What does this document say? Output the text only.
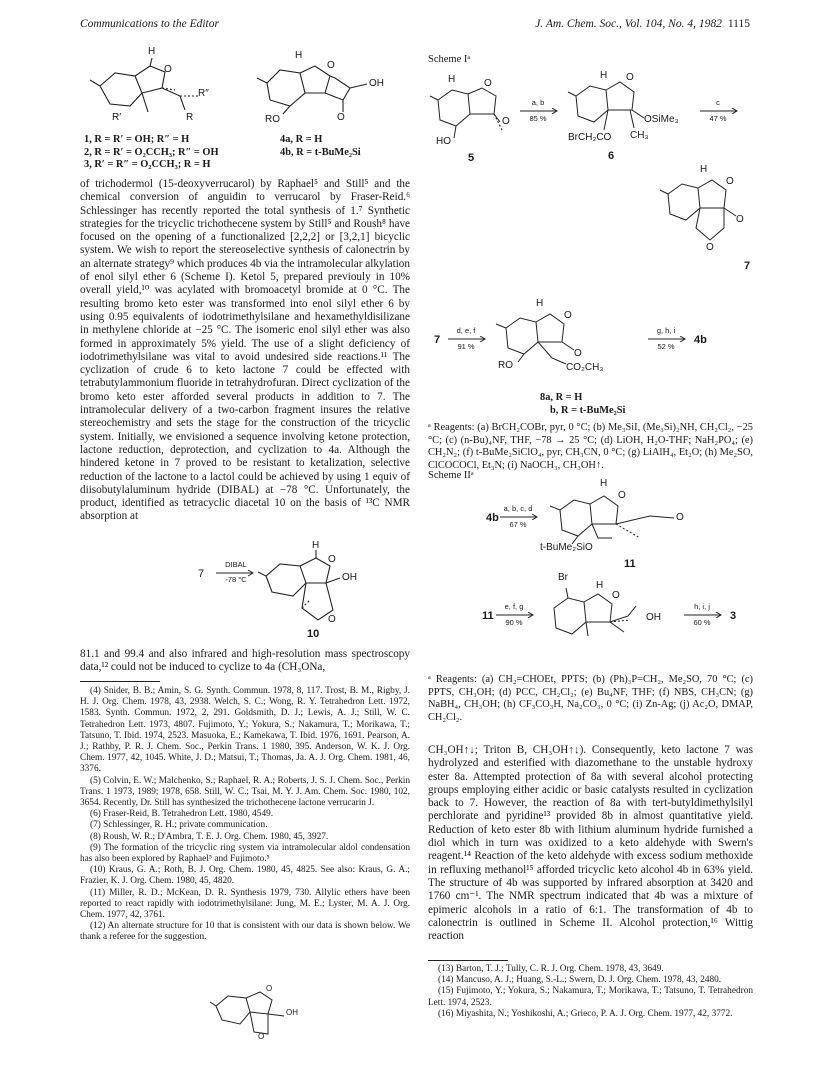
Communications to the Editor	J. Am. Chem. Soc., Vol. 104, No. 4, 1982 1115
H
O
R″
R
R′
H
O
OH
O
RO
1, R = R′ = OH; R″ = H
2, R = R′ = O₂CCH₃; R″ = OH
3, R′ = R″ = O₂CCH₃; R = H
4a, R = H
4b, R = t-BuMe₂Si

of trichodermol (15-deoxyverrucarol) by Raphael⁵ and Still⁵ and the chemical conversion of anguidin to verrucarol by Fraser-Reid.⁶ Schlessinger has recently reported the total synthesis of 1.⁷ Synthetic strategies for the tricyclic trichothecene system by Still⁵ and Roush⁸ have focused on the opening of a functionalized [2,2,2] or [3,2,1] bicyclic system. We wish to report the stereoselective synthesis of calonectrin by an alternate strategy⁹ which produces 4b via the intramolecular alkylation of enol silyl ether 6 (Scheme I). Ketol 5, prepared previouly in 10% overall yield,¹⁰ was acylated with bromoacetyl bromide at 0 °C. The resulting bromo keto ester was transformed into enol silyl ether 6 by using 0.95 equivalents of iodotrimethylsilane and hexamethyldisilizane in methylene chloride at −25 °C. The isomeric enol silyl ether was also formed in approximately 5% yield. The use of a slight deficiency of iodotrimethylsilane was vital to avoid undesired side reactions.¹¹ The cyclization of crude 6 to keto lactone 7 could be effected with tetrabutylammonium fluoride in tetrahydrofuran. Direct cyclization of the bromo keto ester afforded several products in addition to 7. The intramolecular delivery of a two-carbon fragment insures the relative stereochemistry and sets the stage for the construction of the tricyclic system. Initially, we envisioned a sequence involving ketone protection, lactone reduction, deprotection, and cyclization to 4a. Although the hindered ketone in 7 proved to be resistant to ketalization, selective reduction of the lactone to a lactol could be achieved by using 1 equiv of diisobutylaluminum hydride (DIBAL) at −78 °C. Unfortunately, the product, identified as tetracyclic diacetal 10 on the basis of ¹³C NMR absorption at

7
DIBAL
-78 °C
H
O
OH
O
10

81.1 and 99.4 and also infrared and high-resolution mass spectroscopy data,¹² could not be induced to cyclize to 4a (CH₃ONa,

(4) Snider, B. B.; Amin, S. G. Synth. Commun. 1978, 8, 117. Trost, B. M., Rigby, J. H. J. Org. Chem. 1978, 43, 2938. Welch, S. C.; Wong, R. Y. Tetrahedron Lett. 1972, 1583. Synth. Commun. 1972, 2, 291. Goldsmith, D. J.; Lewis, A. J.; Still, W. C. Tetrahedron Lett. 1973, 4807. Fujimoto, Y.; Yokura, S.; Nakamura, T.; Morikawa, T.; Tatsuno, T. Ibid. 1974, 2523. Masuoka, E.; Kamekawa, T. Ibid. 1976, 1691. Pearson, A. J.; Rathby, P. R. J. Chem. Soc., Perkin Trans. 1 1980, 395. Anderson, W. K. J. Org. Chem. 1977, 42, 1045. White, J. D.; Matsui, T.; Thomas, Ja. A. J. Org. Chem. 1981, 46, 3376.

(5) Colvin, E. W.; Malchenko, S.; Raphael, R. A.; Roberts, J. S. J. Chem. Soc., Perkin Trans. 1 1973, 1989; 1978, 658. Still, W. C.; Tsai, M. Y. J. Am. Chem. Soc. 1980, 102, 3654. Recently, Dr. Still has synthesized the trichothecene lactone verrucarin J.

(6) Fraser-Reid, B. Tetrahedron Lett. 1980, 4549.

(7) Schlessinger, R. H.; private communication.

(8) Roush, W. R.; D'Ambra, T. E. J. Org. Chem. 1980, 45, 3927.

(9) The formation of the tricyclic ring system via intramolecular aldol condensation has also been explored by Raphael⁵ and Fujimoto.⁵

(10) Kraus, G. A.; Roth, B. J. Org. Chem. 1980, 45, 4825. See also: Kraus, G. A.; Frazier, K. J. Org. Chem. 1980, 45, 4820.

(11) Miller, R. D.; McKean, D. R. Synthesis 1979, 730. Allylic ethers have been reported to react rapidly with iodotrimethylsilane: Jung, M. E.; Lyster, M. A. J. Org. Chem. 1977, 42, 3761.

(12) An alternate structure for 10 that is consistent with our data is shown below. We thank a referee for the suggestion.

OH
O
O
Scheme Iᵃ
H	O
O
HO
5
a, b
85 %
H O
OSiMe₃
BrCH₂CO CH₃
6
c
47 %
H
O
O
O
7
7
d, e, f
91 %
H
O
O
RO	CO₂CH₃
g, h, i
52 %
4b
8a, R = H
b, R = t-BuMe₂Si

ᵃ Reagents: (a) BrCH₂COBr, pyr, 0 °C; (b) Me₃SiI, (Me₃Si)₂NH, CH₂Cl₂, −25 °C; (c) (n-Bu)₄NF, THF, −78 → 25 °C; (d) LiOH, H₂O-THF; NaH₂PO₄; (e) CH₂N₂; (f) t-BuMe₂SiClO₄, pyr, CH₃CN, 0 °C; (g) LiAlH₄, Et₂O; (h) Me₂SO, ClCOCOCl, Et₃N; (i) NaOCH₃, CH₃OH↑.

Scheme IIᵃ
4b
a, b, c, d
67 %
H
O
O
t-BuMe₂SiO
11
11
e, f, g
90 %
Br
H
O
OH
h, i, j
60 %
3

ᵃ Reagents: (a) CH₂=CHOEt, PPTS; (b) (Ph)₃P=CH₂, Me₂SO, 70 °C; (c) PPTS, CH₃OH; (d) PCC, CH₂Cl₂; (e) Bu₄NF, THF; (f) NBS, CH₃CN; (g) NaBH₄, CH₃OH; (h) CF₃CO₃H, Na₂CO₃, 0 °C; (i) Zn-Ag; (j) Ac₂O, DMAP, CH₂Cl₂.

CH₃OH↑↓; Triton B, CH₃OH↑↓). Consequently, keto lactone 7 was hydrolyzed and esterified with diazomethane to the unstable hydroxy ester 8a. Attempted protection of 8a with several alcohol protecting groups employing either acidic or basic catalysts resulted in cyclization back to 7. However, the reaction of 8a with tert-butyldimethylsilyl perchlorate and pyridine¹³ provided 8b in almost quantitative yield. Reduction of keto ester 8b with lithium aluminum hydride furnished a diol which in turn was oxidized to a keto aldehyde with Swern's reagent.¹⁴ Reaction of the keto aldehyde with excess sodium methoxide in refluxing methanol¹⁵ afforded tricyclic keto alcohol 4b in 63% yield. The structure of 4b was supported by infrared absorption at 3420 and 1760 cm⁻¹. The NMR spectrum indicated that 4b was a mixture of epimeric alcohols in a ratio of 6:1. The transformation of 4b to calonectrin is outlined in Scheme II. Alcohol protection,¹⁶ Wittig reaction

(13) Barton, T. J.; Tully, C. R. J. Org. Chem. 1978, 43, 3649.

(14) Mancuso, A. J.; Huang, S.-L.; Swern, D. J. Org. Chem. 1978, 43, 2480.

(15) Fujimoto, Y.; Yokura, S.; Nakamura, T.; Morikawa, T.; Tatsuno, T. Tetrahedron Lett. 1974, 2523.

(16) Miyashita, N.; Yoshikoshi, A.; Grieco, P. A. J. Org. Chem. 1977, 42, 3772.
